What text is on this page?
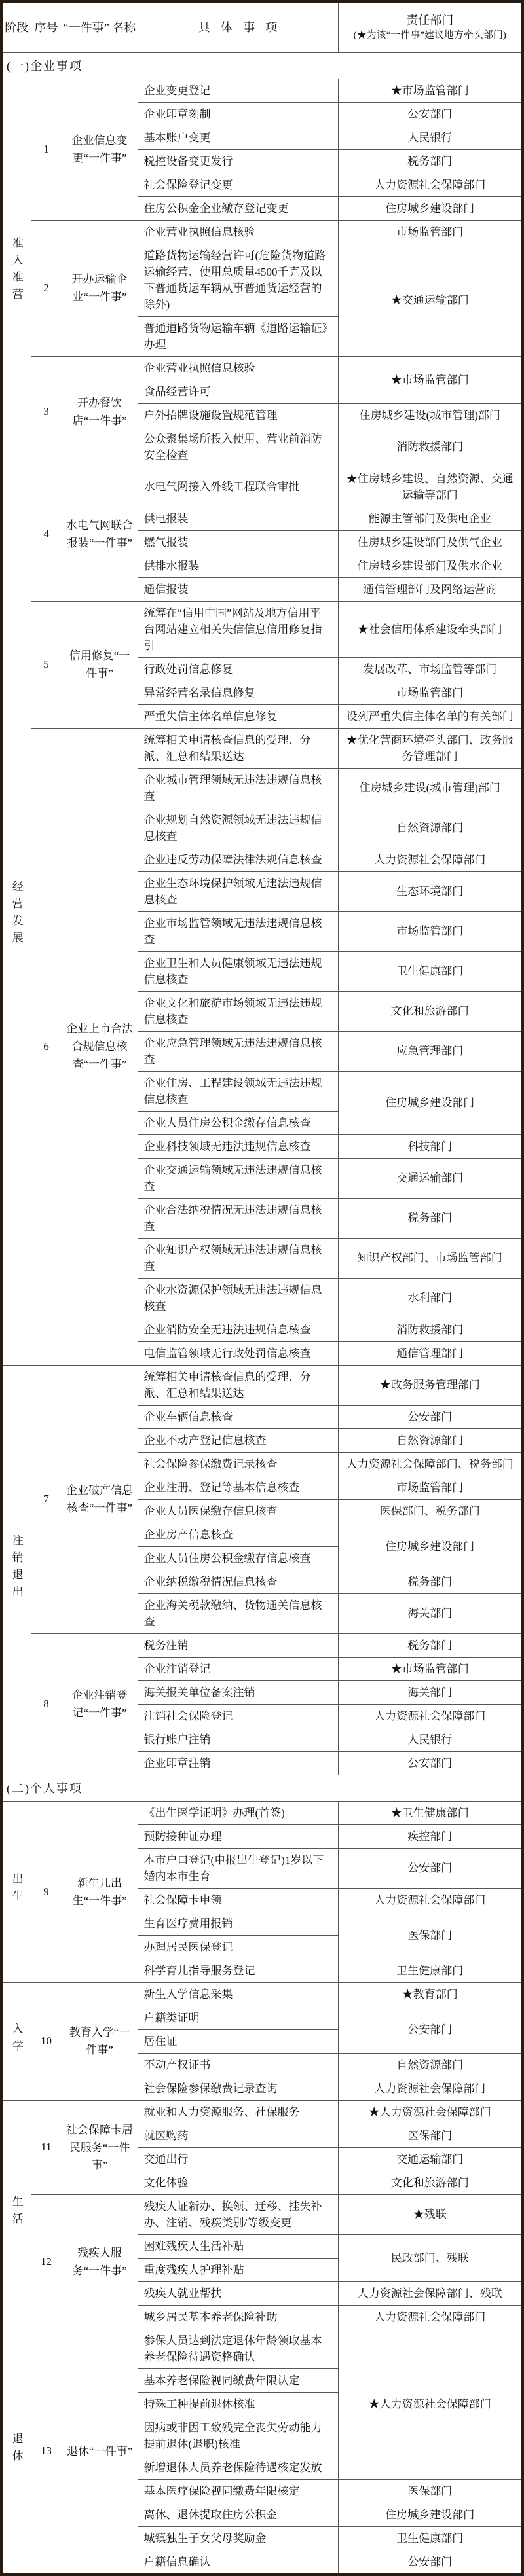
阶段	序号	“一件事” 名称	具体事项	责任部门
(★为该“一件事”建议地方牵头部门)

(一)企业事项				
准入准营	1	企业信息变更“一件事”	企业变更登记	★市场监管部门
			企业印章刻制	公安部门
			基本账户变更	人民银行
			税控设备变更发行	税务部门
			社会保险登记变更	人力资源社会保障部门
			住房公积金企业缴存登记变更	住房城乡建设部门
	2	开办运输企业“一件事”	企业营业执照信息核验	市场监管部门
			道路货物运输经营许可(危险货物道路运输经营、使用总质量4500千克及以下普通货运车辆从事普通货运经营的除外)	★交通运输部门
			普通道路货物运输车辆《道路运输证》办理	
	3	开办餐饮店“一件事”	企业营业执照信息核验	★市场监管部门
			食品经营许可	
			户外招牌设施设置规范管理	住房城乡建设(城市管理)部门
			公众聚集场所投入使用、营业前消防安全检查	消防救援部门
经营发展	4	水电气网联合报装“一件事”	水电气网接入外线工程联合审批	★住房城乡建设、自然资源、交通运输等部门
			供电报装	能源主管部门及供电企业
			燃气报装	住房城乡建设部门及供气企业
			供排水报装	住房城乡建设部门及供水企业
			通信报装	通信管理部门及网络运营商
	5	信用修复“一件事”	统筹在“信用中国”网站及地方信用平台网站建立相关失信信息信用修复指引	★社会信用体系建设牵头部门
			行政处罚信息修复	发展改革、市场监管等部门
			异常经营名录信息修复	市场监管部门
			严重失信主体名单信息修复	设列严重失信主体名单的有关部门
	6	企业上市合法合规信息核查“一件事”	统筹相关申请核查信息的受理、分派、汇总和结果送达	★优化营商环境牵头部门、政务服务管理部门
			企业城市管理领域无违法违规信息核查	住房城乡建设(城市管理)部门
			企业规划自然资源领域无违法违规信息核查	自然资源部门
			企业违反劳动保障法律法规信息核查	人力资源社会保障部门
			企业生态环境保护领域无违法违规信息核查	生态环境部门
			企业市场监管领域无违法违规信息核查	市场监管部门
			企业卫生和人员健康领域无违法违规信息核查	卫生健康部门
			企业文化和旅游市场领域无违法违规信息核查	文化和旅游部门
			企业应急管理领域无违法违规信息核查	应急管理部门
			企业住房、工程建设领域无违法违规信息核查	住房城乡建设部门
			企业人员住房公积金缴存信息核查	
			企业科技领域无违法违规信息核查	科技部门
			企业交通运输领域无违法违规信息核查	交通运输部门
			企业合法纳税情况无违法违规信息核查	税务部门
			企业知识产权领域无违法违规信息核查	知识产权部门、市场监管部门
			企业水资源保护领域无违法违规信息核查	水利部门
			企业消防安全无违法违规信息核查	消防救援部门
			电信监管领域无行政处罚信息核查	通信管理部门
注销退出	7	企业破产信息核查“一件事”	统筹相关申请核查信息的受理、分派、汇总和结果送达	★政务服务管理部门
			企业车辆信息核查	公安部门
			企业不动产登记信息核查	自然资源部门
			社会保险参保缴费记录核查	人力资源社会保障部门、税务部门
			企业注册、登记等基本信息核查	市场监管部门
			企业人员医保缴存信息核查	医保部门、税务部门
			企业房产信息核查	住房城乡建设部门
			企业人员住房公积金缴存信息核查	
			企业纳税缴税情况信息核查	税务部门
			企业海关税款缴纳、货物通关信息核查	海关部门
	8	企业注销登记“一件事”	税务注销	税务部门
			企业注销登记	★市场监管部门
			海关报关单位备案注销	海关部门
			注销社会保险登记	人力资源社会保障部门
			银行账户注销	人民银行
			企业印章注销	公安部门
(二)个人事项				
出生	9	新生儿出生“一件事”	《出生医学证明》办理(首签)	★卫生健康部门
			预防接种证办理	疾控部门
			本市户口登记(申报出生登记)1岁以下婚内本市生育	公安部门
			社会保障卡申领	人力资源社会保障部门
			生育医疗费用报销	医保部门
			办理居民医保登记	
			科学育儿指导服务登记	卫生健康部门
入学	10	教育入学“一件事”	新生入学信息采集	★教育部门
			户籍类证明	公安部门
			居住证	
			不动产权证书	自然资源部门
			社会保险参保缴费记录查询	人力资源社会保障部门
生活	11	社会保障卡居民服务“一件事”	就业和人力资源服务、社保服务	★人力资源社会保障部门
			就医购药	医保部门
			交通出行	交通运输部门
			文化体验	文化和旅游部门
	12	残疾人服务“一件事”	残疾人证新办、换领、迁移、挂失补办、注销、残疾类别/等级变更	★残联
			困难残疾人生活补贴	民政部门、残联
			重度残疾人护理补贴	
			残疾人就业帮扶	人力资源社会保障部门、残联
			城乡居民基本养老保险补助	人力资源社会保障部门
退休	13	退休“一件事”	参保人员达到法定退休年龄领取基本养老保险待遇资格确认	★人力资源社会保障部门
			基本养老保险视同缴费年限认定	
			特殊工种提前退休核准	
			因病或非因工致残完全丧失劳动能力提前退休(退职)核准	
			新增退休人员养老保险待遇核定发放	
			基本医疗保险视同缴费年限核定	医保部门
			离休、退休提取住房公积金	住房城乡建设部门
			城镇独生子女父母奖励金	卫生健康部门
			户籍信息确认	公安部门
